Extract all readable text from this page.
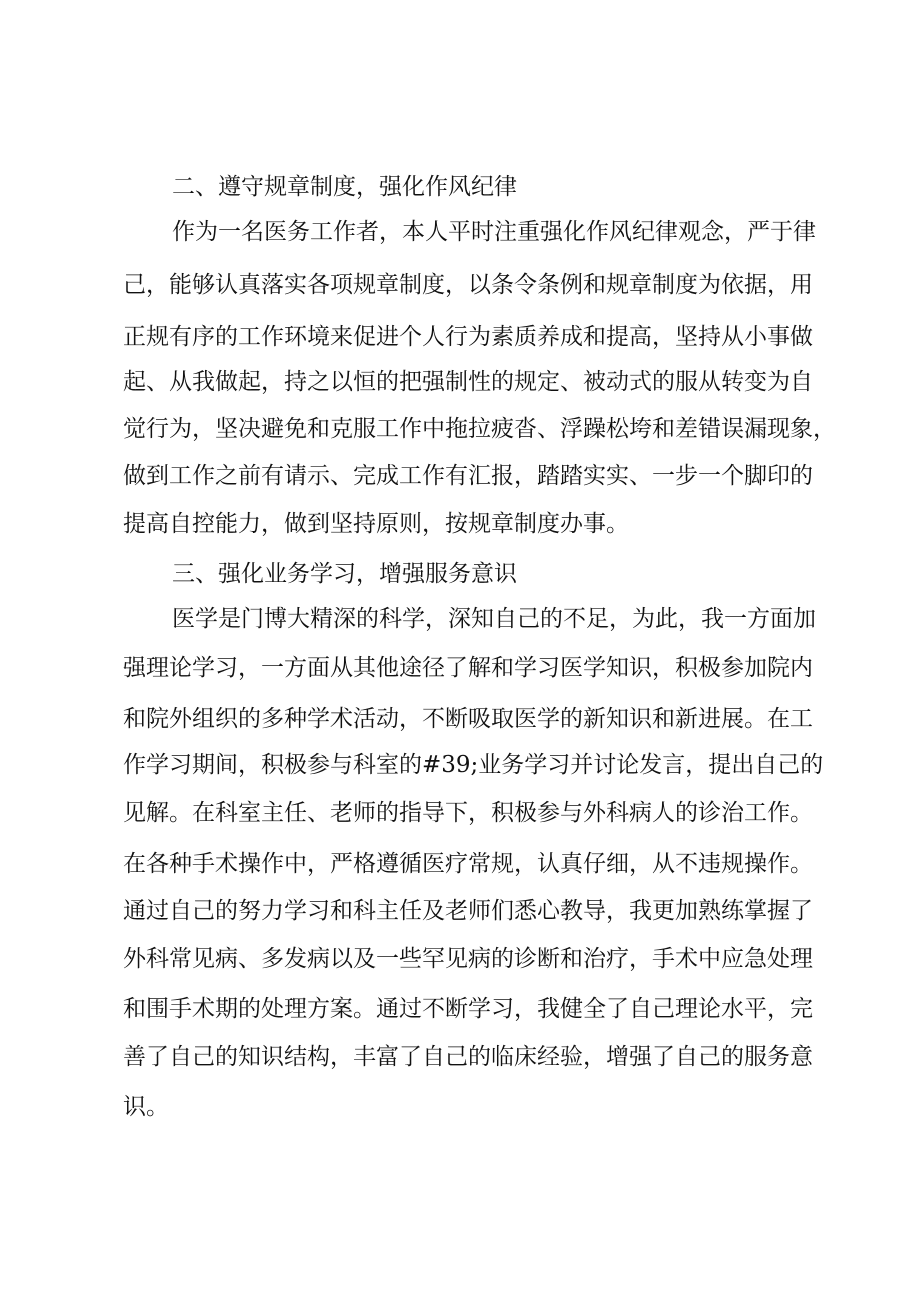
二、遵守规章制度，强化作风纪律

作为一名医务工作者，本人平时注重强化作风纪律观念，严于律

己，能够认真落实各项规章制度，以条令条例和规章制度为依据，用

正规有序的工作环境来促进个人行为素质养成和提高，坚持从小事做

起、从我做起，持之以恒的把强制性的规定、被动式的服从转变为自

觉行为，坚决避免和克服工作中拖拉疲沓、浮躁松垮和差错误漏现象，

做到工作之前有请示、完成工作有汇报，踏踏实实、一步一个脚印的

提高自控能力，做到坚持原则，按规章制度办事。

三、强化业务学习，增强服务意识

医学是门博大精深的科学，深知自己的不足，为此，我一方面加

强理论学习，一方面从其他途径了解和学习医学知识，积极参加院内

和院外组织的多种学术活动，不断吸取医学的新知识和新进展。在工

作学习期间，积极参与科室的#39;业务学习并讨论发言，提出自己的

见解。在科室主任、老师的指导下，积极参与外科病人的诊治工作。

在各种手术操作中，严格遵循医疗常规，认真仔细，从不违规操作。

通过自己的努力学习和科主任及老师们悉心教导，我更加熟练掌握了

外科常见病、多发病以及一些罕见病的诊断和治疗，手术中应急处理

和围手术期的处理方案。通过不断学习，我健全了自己理论水平，完

善了自己的知识结构，丰富了自己的临床经验，增强了自己的服务意

识。
